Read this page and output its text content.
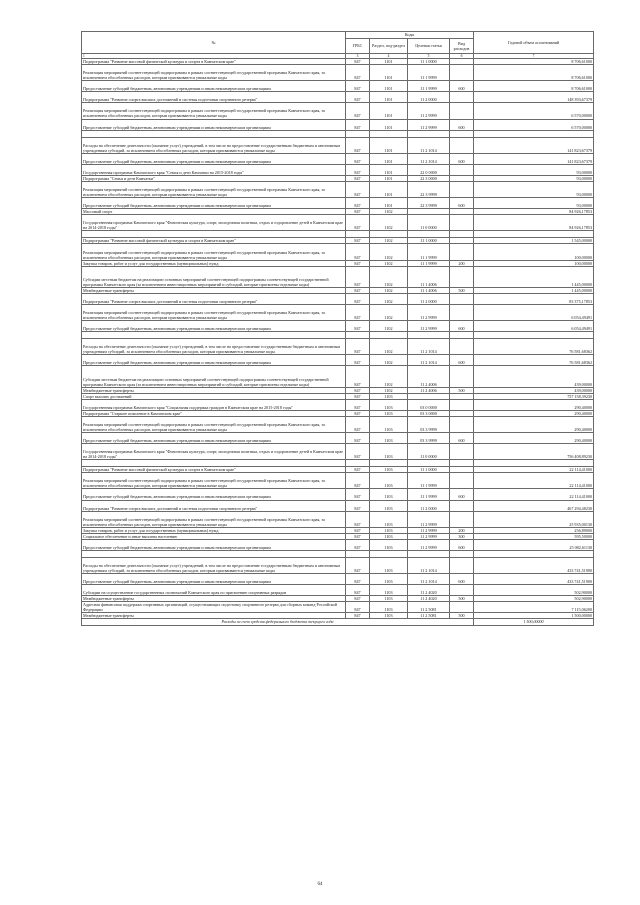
№	Коды				Годовой объем ассигнований
	ГРБС	Раздел, под-раздел	Целевая статья	Вид расходов	
1	3	4	5	6	7
Подпрограмма "Развитие массовой физической культуры и спорта в Камчатском крае"	847	1101	11 1 0000		8 706,61000
Реализация мероприятий соответствующей подпрограммы в рамках соответствующей государственной программы Камчатского края, за исключением обособленных расходов, которым присваиваются уникальные коды	847	1101	11 1 9999		8 706,61000
Предоставление субсидий бюджетным, автономным учреждениям и иным некоммерческим организациям	847	1101	11 1 9999	600	8 706,61000
Подпрограмма "Развитие спорта высших достижений и системы подготовки спортивного резерва"	847	1101	11 2 0000		148 393,67379
Реализация мероприятий соответствующей подпрограммы в рамках соответствующей государственной программы Камчатского края, за исключением обособленных расходов, которым присваиваются уникальные коды	847	1101	11 2 9999		6 570,00000
Предоставление субсидий бюджетным, автономным учреждениям и иным некоммерческим организациям	847	1101	11 2 9999	600	6 570,00000

Расходы на обеспечение деятельности (оказание услуг) учреждений, в том числе на предоставление государственным бюджетным и автономным учреждениям субсидий, за исключением обособленных расходов, которым присваиваются уникальные коды	847	1101	11 2 1014		141 823,67379
Предоставление субсидий бюджетным, автономным учреждениям и иным некоммерческим организациям	847	1101	11 2 1014	600	141 823,67379
Государственная программа Камчатского края "Семья и дети Камчатки на 2015-2018 годы"	847	1101	22 0 0000		93,00000
Подпрограмма "Семья и дети Камчатки"	847	1101	22 3 0000		93,00000
Реализация мероприятий соответствующей подпрограммы в рамках соответствующей государственной программы Камчатского края, за исключением обособленных расходов, которым присваиваются уникальные коды	847	1101	22 3 9999		93,00000
Предоставление субсидий бюджетным, автономным учреждениям и иным некоммерческим организациям	847	1101	22 3 9999	600	93,00000
Массовый спорт	847	1102			84 926,17853
Государственная программа Камчатского края "Физическая культура, спорт, молодежная политика, отдых и оздоровление детей в Камчатском крае на 2014-2018 годы"	847	1102	11 0 0000		84 926,17853

Подпрограмма "Развитие массовой физической культуры и спорта в Камчатском крае"	847	1102	11 1 0000		1 545,00000
Реализация мероприятий соответствующей подпрограммы в рамках соответствующей государственной программы Камчатского края, за исключением обособленных расходов, которым присваиваются уникальные коды	847	1102	11 1 9999		100,00000
Закупка товаров, работ и услуг для государственных (муниципальных) нужд	847	1102	11 1 9999	200	100,00000
Субсидии местным бюджетам на реализацию основных мероприятий соответствующей подпрограммы соответствующей государственной программы Камчатского края (за исключением инвестиционных мероприятий и субсидий, которые присвоены отдельные коды)	847	1102	11 1 4006		1 445,00000
Межбюджетные трансферты	847	1102	11 1 4006	500	1 445,00000
Подпрограмма "Развитие спорта высших достижений и системы подготовки спортивного резерва"	847	1102	11 2 0000		83 375,17853
Реализация мероприятий соответствующей подпрограммы в рамках соответствующей государственной программы Камчатского края, за исключением обособленных расходов, которым присваиваются уникальные коды	847	1102	11 2 9999		6 054,49491
Предоставление субсидий бюджетным, автономным учреждениям и иным некоммерческим организациям	847	1102	11 2 9999	600	6 054,49491

Расходы на обеспечение деятельности (оказание услуг) учреждений, в том числе на предоставление государственным бюджетным и автономным учреждениям субсидий, за исключением обособленных расходов, которым присваиваются уникальные коды	847	1102	11 2 1014		76 581,68362
Предоставление субсидий бюджетным, автономным учреждениям и иным некоммерческим организациям	847	1102	11 2 1014	600	76 581,68362
Субсидии местным бюджетам на реализацию основных мероприятий соответствующей подпрограммы соответствующей государственной программы Камчатского края (за исключением инвестиционных мероприятий и субсидий, которые присвоены отдельные коды)	847	1102	11 2 4006		439,00000
Межбюджетные трансферты	847	1102	11 2 4006	500	439,00000
Спорт высших достижений	847	1103			757 158,39230
Государственная программа Камчатского края "Социальная поддержка граждан в Камчатском крае на 2015-2018 годы"	847	1103	03 0 0000		290,40000
Подпрограмма "Старшее поколение в Камчатском крае"	847	1103	03 3 0000		290,40000
Реализация мероприятий соответствующей подпрограммы в рамках соответствующей государственной программы Камчатского края, за исключением обособленных расходов, которым присваиваются уникальные коды	847	1103	03 3 9999		290,40000
Предоставление субсидий бюджетным, автономным учреждениям и иным некоммерческим организациям	847	1103	03 3 9999	600	290,40000
Государственная программа Камчатского края "Физическая культура, спорт, молодежная политика, отдых и оздоровление детей в Камчатском крае на 2014-2018 годы"	847	1103	11 0 0000		756 408,89230

Подпрограмма "Развитие массовой физической культуры и спорта в Камчатском крае"	847	1103	11 1 0000		22 114,41000
Реализация мероприятий соответствующей подпрограммы в рамках соответствующей государственной программы Камчатского края, за исключением обособленных расходов, которым присваиваются уникальные коды	847	1103	11 1 9999		22 114,41000
Предоставление субсидий бюджетным, автономным учреждениям и иным некоммерческим организациям	847	1103	11 1 9999	600	22 114,41000
Подпрограмма "Развитие спорта высших достижений и системы подготовки спортивного резерва"	847	1103	11 2 0000		467 294,48230
Реализация мероприятий соответствующей подпрограммы в рамках соответствующей государственной программы Камчатского края, за исключением обособленных расходов, которым присваиваются уникальные коды	847	1103	11 2 9999		25 935,00130
Закупка товаров, работ и услуг для государственных (муниципальных) нужд	847	1103	11 2 9999	200	256,89000
Социальное обеспечение и иные выплаты населению	847	1103	11 2 9999	300	595,50000
Предоставление субсидий бюджетным, автономным учреждениям и иным некоммерческим организациям	847	1103	11 2 9999	600	25 082,61130

Расходы на обеспечение деятельности (оказание услуг) учреждений, в том числе на предоставление государственным бюджетным и автономным учреждениям субсидий, за исключением обособленных расходов, которым присваиваются уникальные коды	847	1103	11 2 1014		433 741,51900
Предоставление субсидий бюджетным, автономным учреждениям и иным некоммерческим организациям	847	1103	11 2 1014	600	433 741,51900
Субсидии на осуществление государственных полномочий Камчатского края по присвоению спортивных разрядов	847	1103	11 2 4020		502,90000
Межбюджетные трансферты	847	1103	11 2 4020	500	502,90000
Адресная финансовая поддержка спортивных организаций, осуществляющих подготовку спортивного резерва для сборных команд Российской Федерации	847	1103	11 2 5081		7 115,06200
Межбюджетные трансферты	847	1103	11 2 5081	500	1 500,00000
Расходы за счет средств федерального бюджета текущего года					1 500,00000
64
